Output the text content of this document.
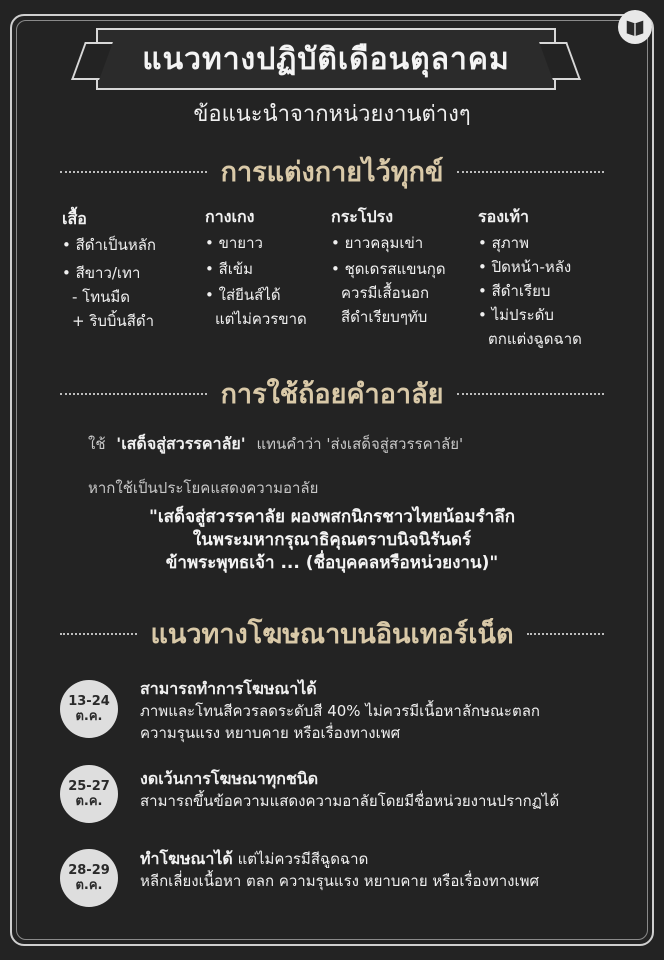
แนวทางปฏิบัติเดือนตุลาคม
ข้อแนะนำจากหน่วยงานต่างๆ
การแต่งกายไว้ทุกข์
เสื้อ
• สีดำเป็นหลัก
• สีขาว/เทา
- โทนมืด
+ ริบบิ้นสีดำ
กางเกง
• ขายาว
• สีเข้ม
• ใส่ยีนส์ได้
แต่ไม่ควรขาด
กระโปรง
• ยาวคลุมเข่า
• ชุดเดรสแขนกุด
ควรมีเสื้อนอก
สีดำเรียบๆทับ
รองเท้า
• สุภาพ
• ปิดหน้า-หลัง
• สีดำเรียบ
• ไม่ประดับ
ตกแต่งฉูดฉาด
การใช้ถ้อยคำอาลัย
ใช้ 'เสด็จสู่สวรรคาลัย' แทนคำว่า 'ส่งเสด็จสู่สวรรคาลัย'
หากใช้เป็นประโยคแสดงความอาลัย
"เสด็จสู่สวรรคาลัย ผองพสกนิกรชาวไทยน้อมรำลึก
ในพระมหากรุณาธิคุณตราบนิจนิรันดร์
ข้าพระพุทธเจ้า ... (ชื่อบุคคลหรือหน่วยงาน)"
แนวทางโฆษณาบนอินเทอร์เน็ต
13-24
ต.ค.
สามารถทำการโฆษณาได้
ภาพและโทนสีควรลดระดับสี 40% ไม่ควรมีเนื้อหาลักษณะตลก
ความรุนแรง หยาบคาย หรือเรื่องทางเพศ
25-27
ต.ค.
งดเว้นการโฆษณาทุกชนิด
สามารถขึ้นข้อความแสดงความอาลัยโดยมีชื่อหน่วยงานปรากฏได้
28-29
ต.ค.
ทำโฆษณาได้ แต่ไม่ควรมีสีฉูดฉาด
หลีกเลี่ยงเนื้อหา ตลก ความรุนแรง หยาบคาย หรือเรื่องทางเพศ
